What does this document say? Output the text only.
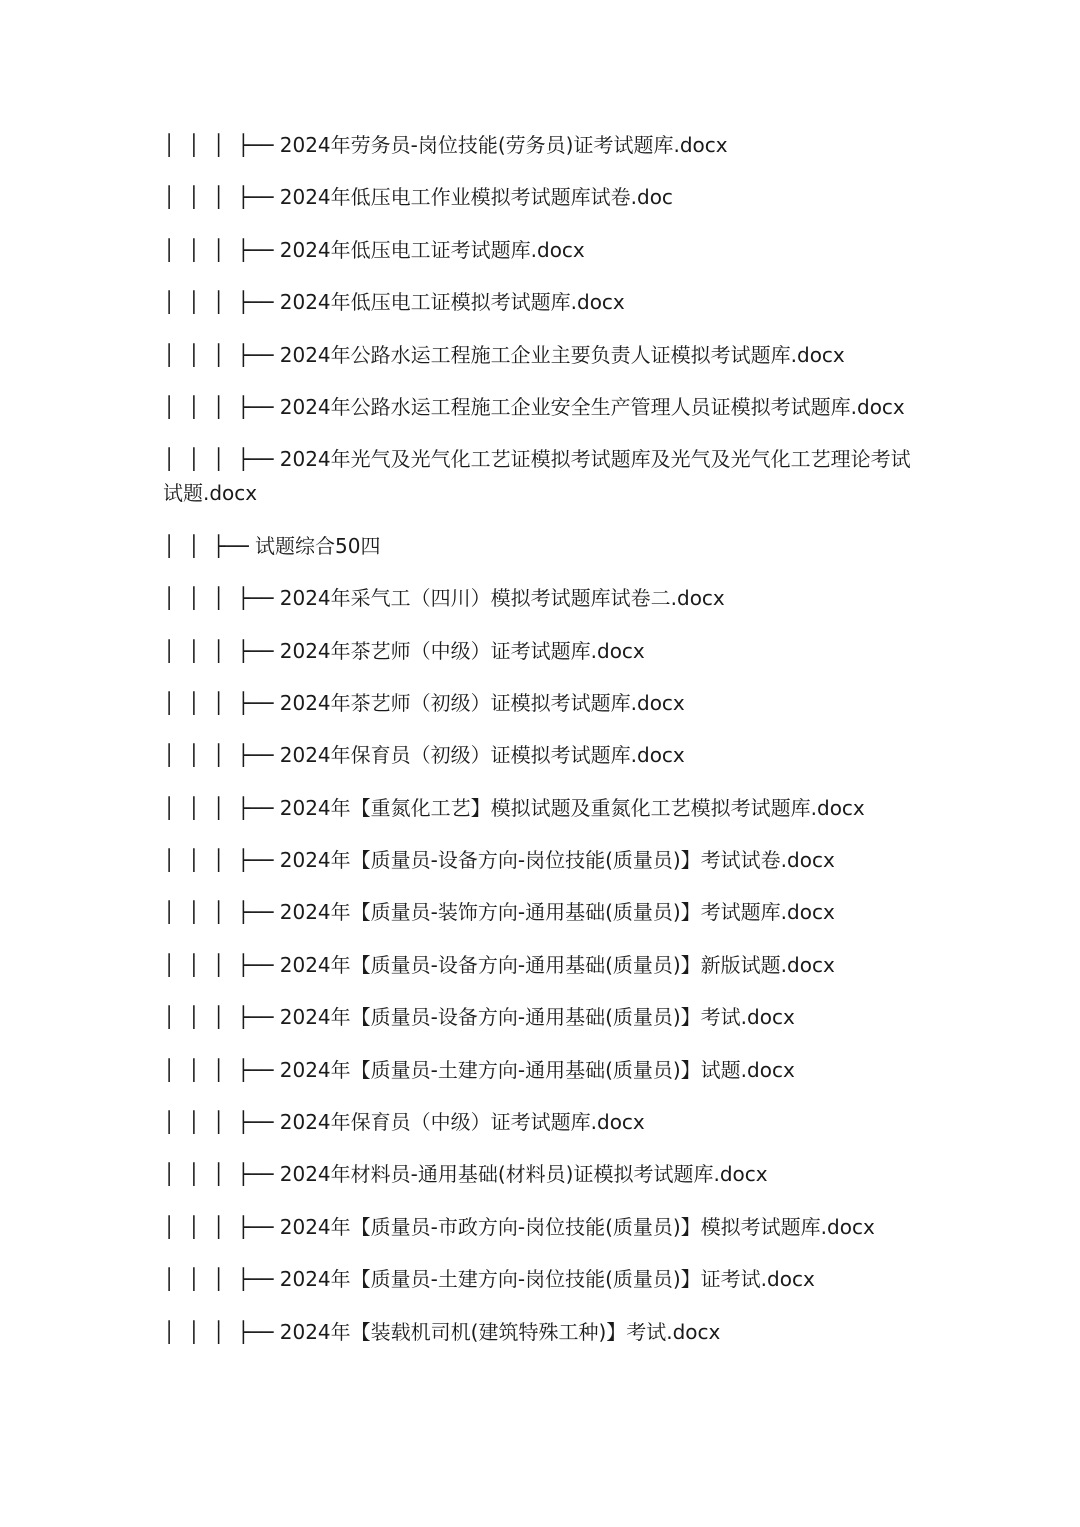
│  │  │  ├── 2024年劳务员-岗位技能(劳务员)证考试题库.docx

│  │  │  ├── 2024年低压电工作业模拟考试题库试卷.doc

│  │  │  ├── 2024年低压电工证考试题库.docx

│  │  │  ├── 2024年低压电工证模拟考试题库.docx

│  │  │  ├── 2024年公路水运工程施工企业主要负责人证模拟考试题库.docx

│  │  │  ├── 2024年公路水运工程施工企业安全生产管理人员证模拟考试题库.docx

│  │  │  ├── 2024年光气及光气化工艺证模拟考试题库及光气及光气化工艺理论考试试题.docx

│  │  ├── 试题综合50四

│  │  │  ├── 2024年采气工（四川）模拟考试题库试卷二.docx

│  │  │  ├── 2024年茶艺师（中级）证考试题库.docx

│  │  │  ├── 2024年茶艺师（初级）证模拟考试题库.docx

│  │  │  ├── 2024年保育员（初级）证模拟考试题库.docx

│  │  │  ├── 2024年【重氮化工艺】模拟试题及重氮化工艺模拟考试题库.docx

│  │  │  ├── 2024年【质量员-设备方向-岗位技能(质量员)】考试试卷.docx

│  │  │  ├── 2024年【质量员-装饰方向-通用基础(质量员)】考试题库.docx

│  │  │  ├── 2024年【质量员-设备方向-通用基础(质量员)】新版试题.docx

│  │  │  ├── 2024年【质量员-设备方向-通用基础(质量员)】考试.docx

│  │  │  ├── 2024年【质量员-土建方向-通用基础(质量员)】试题.docx

│  │  │  ├── 2024年保育员（中级）证考试题库.docx

│  │  │  ├── 2024年材料员-通用基础(材料员)证模拟考试题库.docx

│  │  │  ├── 2024年【质量员-市政方向-岗位技能(质量员)】模拟考试题库.docx

│  │  │  ├── 2024年【质量员-土建方向-岗位技能(质量员)】证考试.docx

│  │  │  ├── 2024年【装载机司机(建筑特殊工种)】考试.docx
